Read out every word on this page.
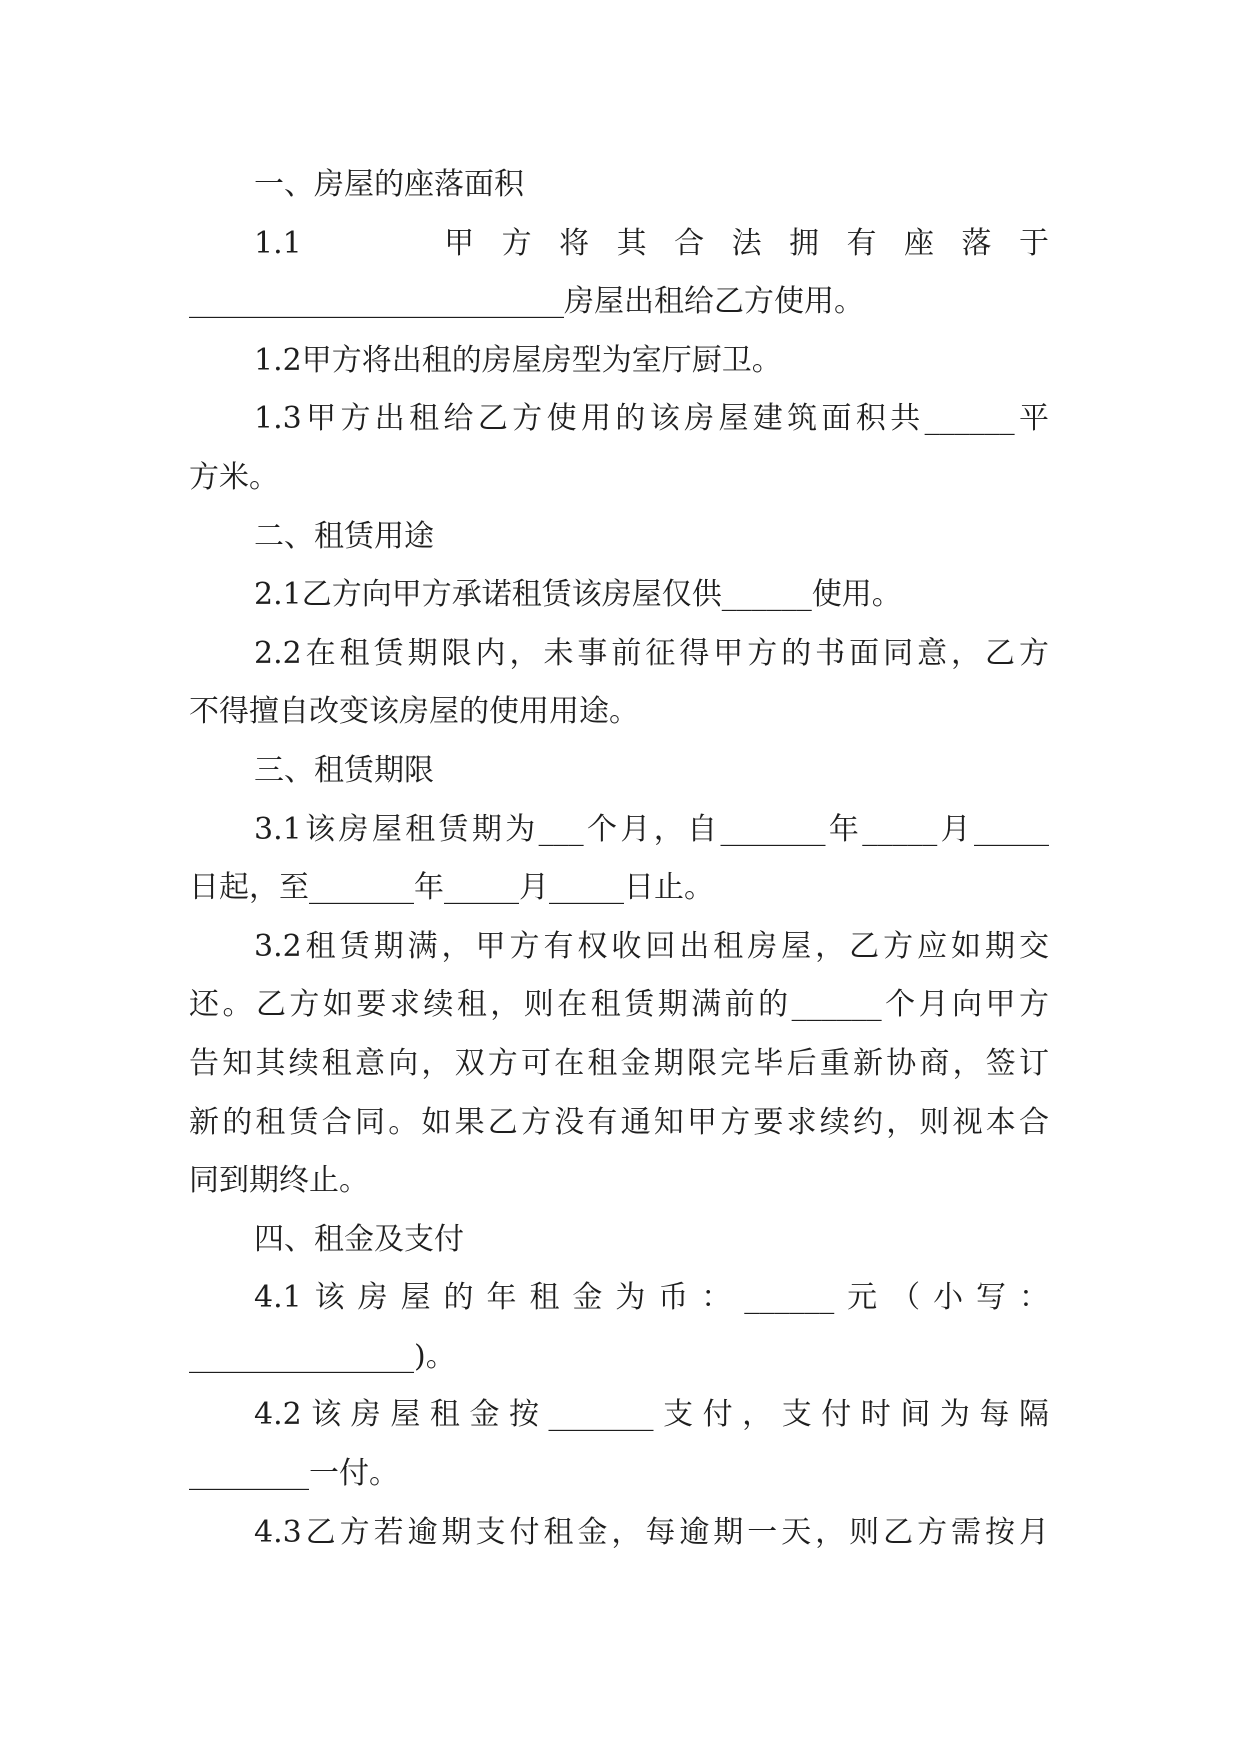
一、房屋的座落面积
1.1　　甲方将其合法拥有座落于
_________________________房屋出租给乙方使用。
1.2甲方将出租的房屋房型为室厅厨卫。
1.3甲方出租给乙方使用的该房屋建筑面积共______平
方米。
二、租赁用途
2.1乙方向甲方承诺租赁该房屋仅供______使用。
2.2在租赁期限内，未事前征得甲方的书面同意，乙方
不得擅自改变该房屋的使用用途。
三、租赁期限
3.1该房屋租赁期为___个月，自_______年_____月_____
日起，至_______年_____月_____日止。
3.2租赁期满，甲方有权收回出租房屋，乙方应如期交
还。乙方如要求续租，则在租赁期满前的______个月向甲方
告知其续租意向，双方可在租金期限完毕后重新协商，签订
新的租赁合同。如果乙方没有通知甲方要求续约，则视本合
同到期终止。
四、租金及支付
4.1该房屋的年租金为币：______元（小写：
_______________)。
4.2该房屋租金按_______支付，支付时间为每隔
________一付。
4.3乙方若逾期支付租金，每逾期一天，则乙方需按月
